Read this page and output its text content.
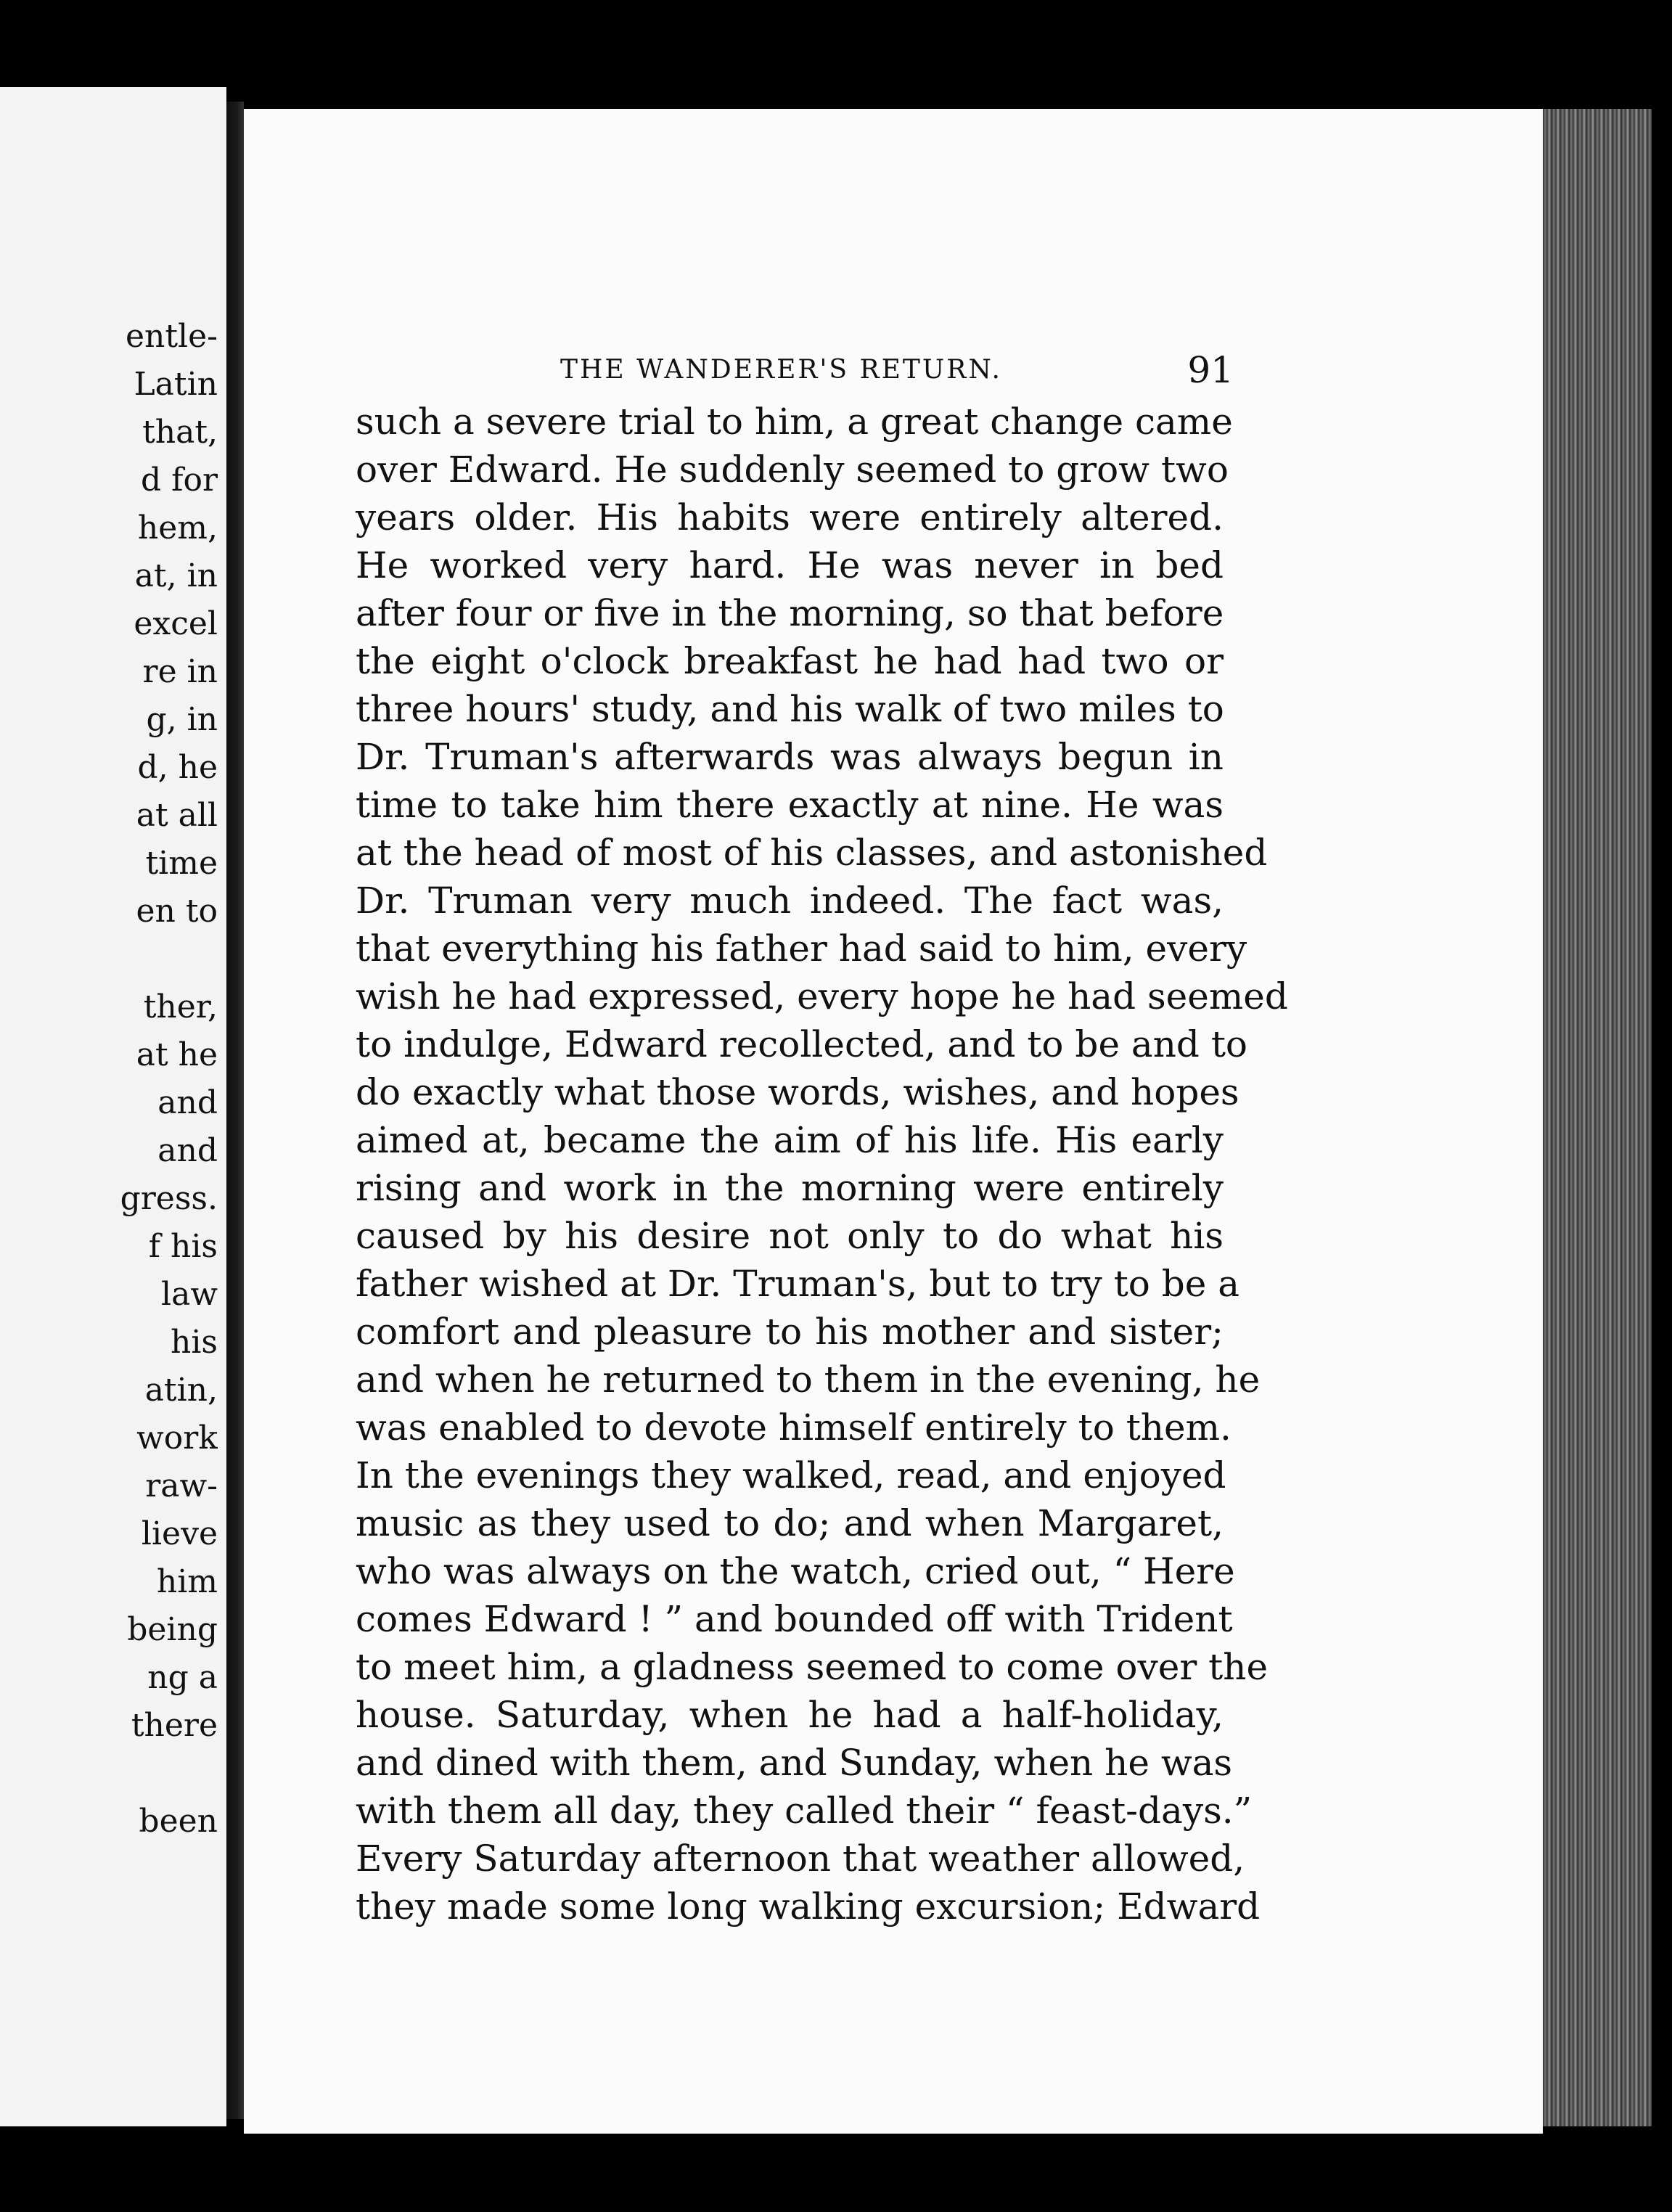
entle-
Latin
that,
d for
hem,
at, in
excel
re in
g, in
d, he
at all
time
en to
ther,
at he
and
and
gress.
f his
law
his
atin,
work
raw-
lieve
him
being
ng a
there
been
THE WANDERER'S RETURN.	91
such a severe trial to him, a great change came
over Edward. He suddenly seemed to grow two
years older. His habits were entirely altered.
He worked very hard. He was never in bed
after four or five in the morning, so that before
the eight o'clock breakfast he had had two or
three hours' study, and his walk of two miles to
Dr. Truman's afterwards was always begun in
time to take him there exactly at nine. He was
at the head of most of his classes, and astonished
Dr. Truman very much indeed. The fact was,
that everything his father had said to him, every
wish he had expressed, every hope he had seemed
to indulge, Edward recollected, and to be and to
do exactly what those words, wishes, and hopes
aimed at, became the aim of his life. His early
rising and work in the morning were entirely
caused by his desire not only to do what his
father wished at Dr. Truman's, but to try to be a
comfort and pleasure to his mother and sister;
and when he returned to them in the evening, he
was enabled to devote himself entirely to them.
In the evenings they walked, read, and enjoyed
music as they used to do; and when Margaret,
who was always on the watch, cried out, “ Here
comes Edward ! ” and bounded off with Trident
to meet him, a gladness seemed to come over the
house. Saturday, when he had a half-holiday,
and dined with them, and Sunday, when he was
with them all day, they called their “ feast-days.”
Every Saturday afternoon that weather allowed,
they made some long walking excursion; Edward
